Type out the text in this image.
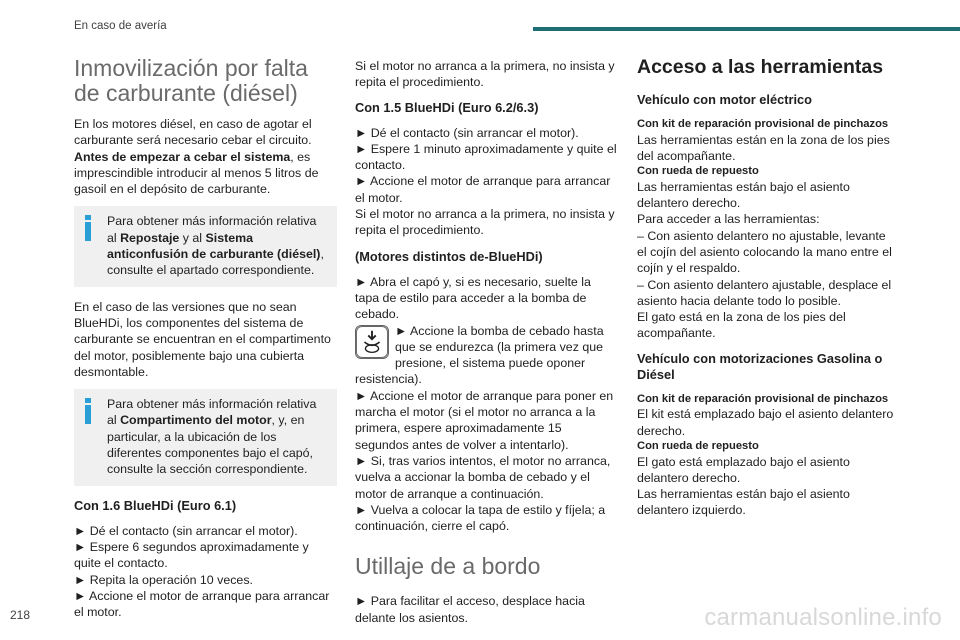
En caso de avería
Inmovilización por falta de carburante (diésel)

En los motores diésel, en caso de agotar el carburante será necesario cebar el circuito.
Antes de empezar a cebar el sistema, es imprescindible introducir al menos 5 litros de gasoil en el depósito de carburante.

Para obtener más información relativa al Repostaje y al Sistema anticonfusión de carburante (diésel), consulte el apartado correspondiente.

En el caso de las versiones que no sean BlueHDi, los componentes del sistema de carburante se encuentran en el compartimento del motor, posiblemente bajo una cubierta desmontable.

Para obtener más información relativa al Compartimento del motor, y, en particular, a la ubicación de los diferentes componentes bajo el capó, consulte la sección correspondiente.
Con 1.6 BlueHDi (Euro 6.1)

► Dé el contacto (sin arrancar el motor).
► Espere 6 segundos aproximadamente y quite el contacto.
► Repita la operación 10 veces.
► Accione el motor de arranque para arrancar el motor.

Si el motor no arranca a la primera, no insista y repita el procedimiento.

Con 1.5 BlueHDi (Euro 6.2/6.3)

► Dé el contacto (sin arrancar el motor).
► Espere 1 minuto aproximadamente y quite el contacto.
► Accione el motor de arranque para arrancar el motor.
Si el motor no arranca a la primera, no insista y repita el procedimiento.

(Motores distintos de-BlueHDi)
► Abra el capó y, si es necesario, suelte la tapa de estilo para acceder a la bomba de cebado.

► Accione la bomba de cebado hasta que se endurezca (la primera vez que presione, el sistema puede oponer resistencia).
► Accione el motor de arranque para poner en marcha el motor (si el motor no arranca a la primera, espere aproximadamente 15 segundos antes de volver a intentarlo).
► Si, tras varios intentos, el motor no arranca, vuelva a accionar la bomba de cebado y el motor de arranque a continuación.
► Vuelva a colocar la tapa de estilo y fíjela; a continuación, cierre el capó.
Utillaje de a bordo

► Para facilitar el acceso, desplace hacia delante los asientos.

Acceso a las herramientas
Vehículo con motor eléctrico
Con kit de reparación provisional de pinchazos
Las herramientas están en la zona de los pies del acompañante.
Con rueda de repuesto
Las herramientas están bajo el asiento delantero derecho.
Para acceder a las herramientas:
– Con asiento delantero no ajustable, levante el cojín del asiento colocando la mano entre el cojín y el respaldo.
– Con asiento delantero ajustable, desplace el asiento hacia delante todo lo posible.
El gato está en la zona de los pies del acompañante.
Vehículo con motorizaciones Gasolina o Diésel
Con kit de reparación provisional de pinchazos
El kit está emplazado bajo el asiento delantero derecho.
Con rueda de repuesto
El gato está emplazado bajo el asiento delantero derecho.
Las herramientas están bajo el asiento delantero izquierdo.
218	carmanualsonline.info
